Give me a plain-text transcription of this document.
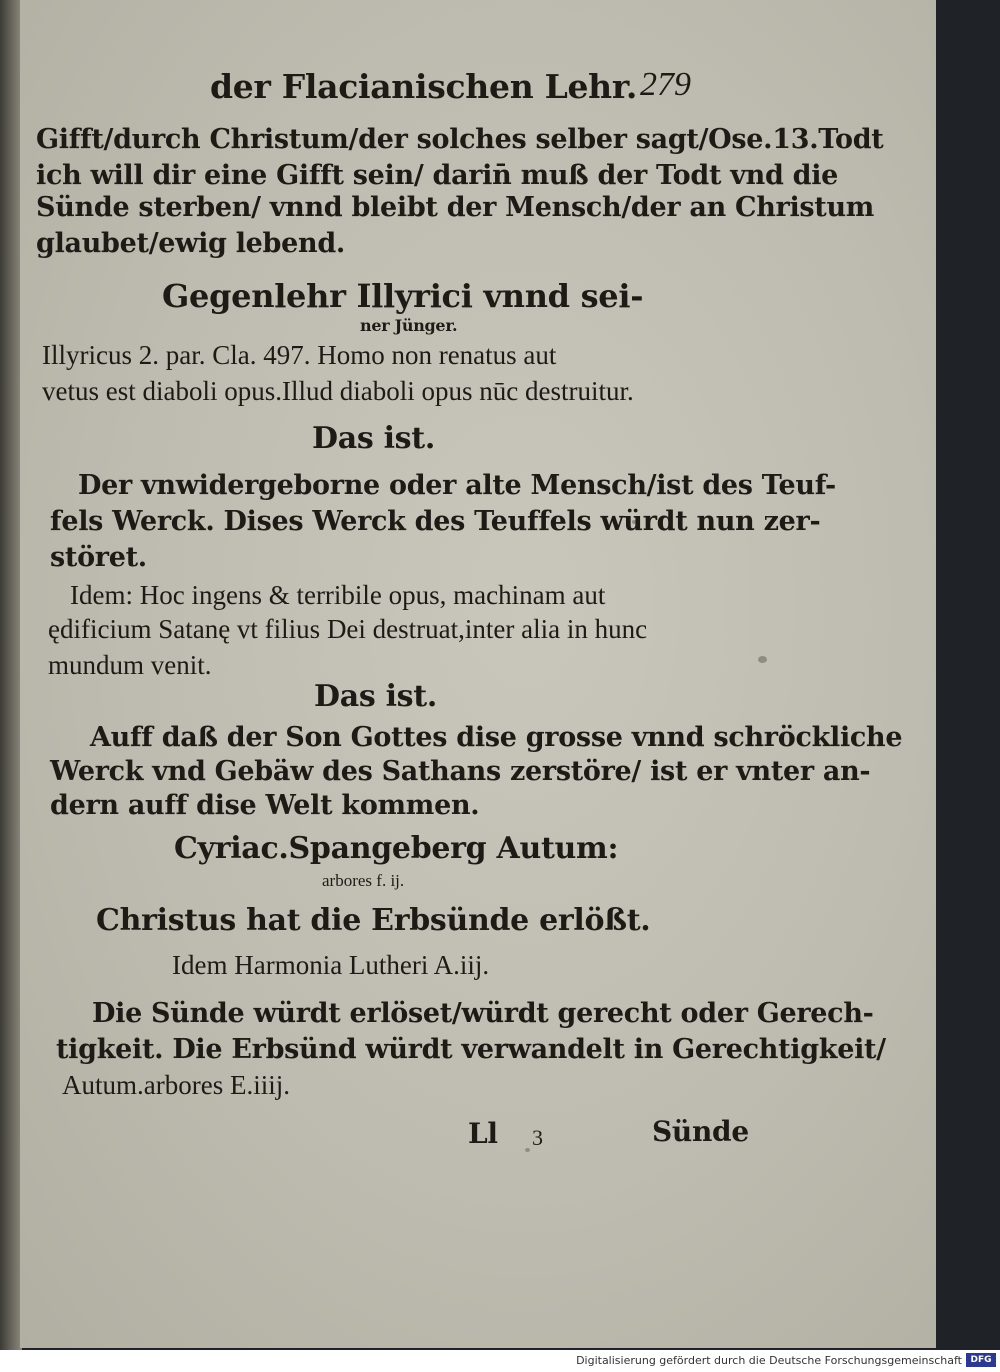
der Flacianischen Lehr. 279
Gifft/durch Christum/der solches selber sagt/Ose.13.Todt
ich will dir eine Gifft sein/ darin̄ muß der Todt vnd die
Sünde sterben/ vnnd bleibt der Mensch/der an Christum
glaubet/ewig lebend.
Gegenlehr Illyrici vnnd sei-
ner Jünger.
Illyricus 2. par. Cla. 497. Homo non renatus aut
vetus est diaboli opus.Illud diaboli opus nūc destruitur.
Das ist.
Der vnwidergeborne oder alte Mensch/ist des Teuf-
fels Werck. Dises Werck des Teuffels würdt nun zer-
störet.
Idem: Hoc ingens & terribile opus, machinam aut
ędificium Satanę vt filius Dei destruat,inter alia in hunc
mundum venit.
Das ist.
Auff daß der Son Gottes dise grosse vnnd schröckliche
Werck vnd Gebäw des Sathans zerstöre/ ist er vnter an-
dern auff dise Welt kommen.
Cyriac.Spangeberg Autum:
arbores f. ij.
Christus hat die Erbsünde erlößt.
Idem Harmonia Lutheri A.iij.
Die Sünde würdt erlöset/würdt gerecht oder Gerech-
tigkeit. Die Erbsünd würdt verwandelt in Gerechtigkeit/
Autum.arbores E.iiij.
Ll 3	Sünde
Digitalisierung gefördert durch die Deutsche Forschungsgemeinschaft DFG
